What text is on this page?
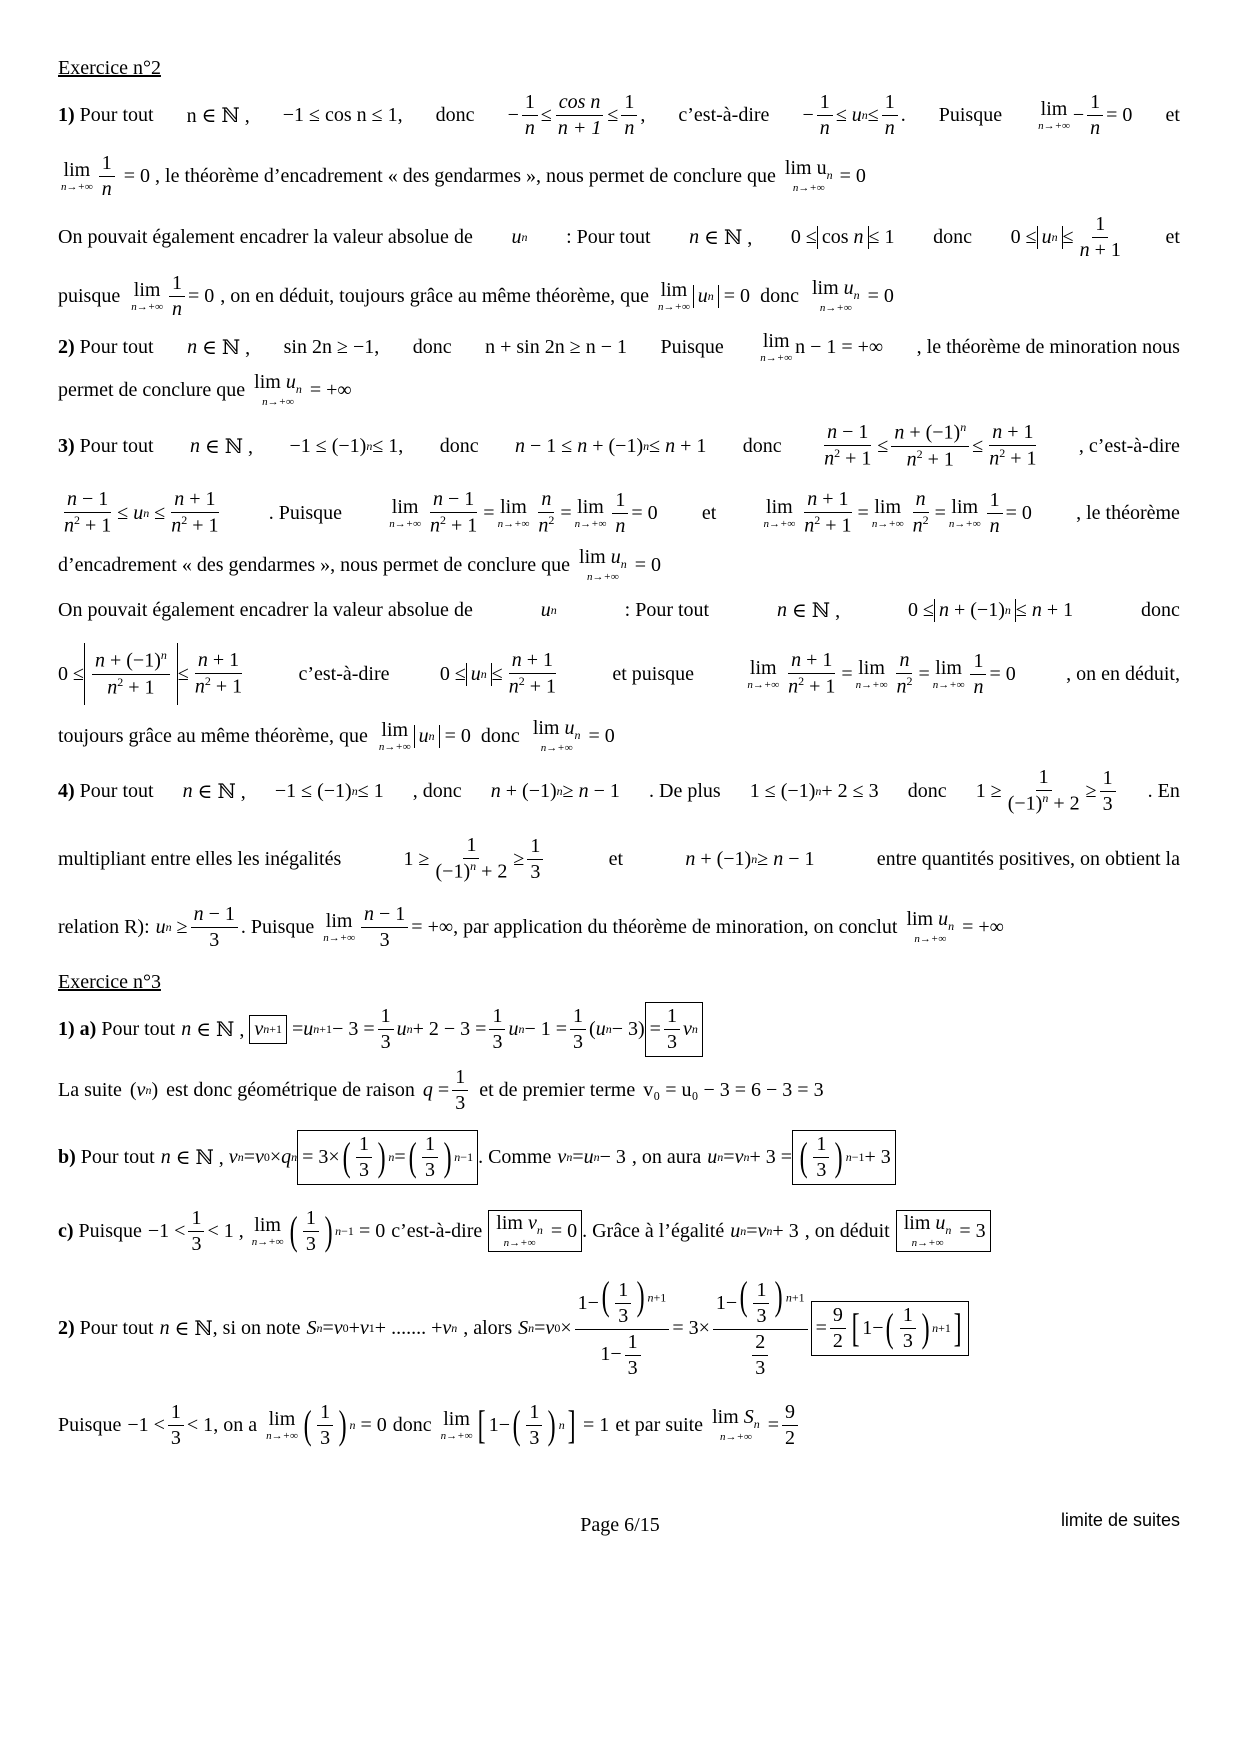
Exercice n°2
1) Pour tout n ∈ ℕ , −1 ≤ cos n ≤ 1, donc − $\frac{1}{n} \le \frac{\text{cos n}}{n + 1} \le \frac{1}{n}$ , c’est-à-dire − $\frac{1}{n} \le u$ $n \le \frac{1}{n}$ . Puisque lim
$n\to+\infty - \frac{1}{n} = 0$ et
lim
$n\to+\infty \frac{1}{n} = 0$ , le théorème d’encadrement « des gendarmes », nous permet de conclure que $\lim u_n$
n→+∞
= 0
On pouvait également encadrer la valeur absolue de u n : Pour tout n ∈ ℕ , 0 ≤ cos n ≤ 1 donc 0 ≤ u $n \le \frac{1}{n + 1}$ et
puisque lim
$n\to+\infty \frac{1}{n} = 0$ , on en déduit, toujours grâce au même théorème, que lim
n→+∞ u n = 0 donc $\lim u_n$
n→+∞
= 0
2) Pour tout n ∈ ℕ , sin 2n ≥ −1, donc n + sin 2n ≥ n − 1 Puisque lim
n→+∞ n − 1 = +∞ , le théorème de minoration nous
permet de conclure que $\lim u_n$
n→+∞

= +∞
3) Pour tout n ∈ ℕ , −1 ≤ (−1) n ≤ 1, donc n − 1 ≤ n + (−1) n ≤ n + 1 donc $\frac{n - 1}{n^2 + 1} \le \frac{n + (-1)^n}{n^2 + 1} \le \frac{n + 1}{n^2 + 1}$ , c’est-à-dire
$\frac{n - 1}{n^2 + 1} \le u$ $n \le \frac{n + 1}{n^2 + 1}$ . Puisque lim
$n\to+\infty \frac{n - 1}{n^2 + 1} = \lim$
$n\to+\infty \frac{n}{n^2} = \lim$
$n\to+\infty \frac{1}{n} = 0$ et lim
$n\to+\infty \frac{n + 1}{n^2 + 1} = \lim$
$n\to+\infty \frac{n}{n^2} = \lim$
$n\to+\infty \frac{1}{n} = 0$ , le théorème
d’encadrement « des gendarmes », nous permet de conclure que $\lim u_n$
n→+∞
= 0
On pouvait également encadrer la valeur absolue de	u n	: Pour tout	n ∈ ℕ ,	0 ≤ n + (−1) n ≤ n + 1	donc
$0 \le \frac{n + (-1)^n}{n^2 + 1} \le \frac{n + 1}{n^2 + 1}$	c’est-à-dire	0 ≤ u $n \le \frac{n + 1}{n^2 + 1}$	et puisque	lim
$n\to+\infty \frac{n + 1}{n^2 + 1} = \lim$
$n\to+\infty \frac{n}{n^2} = \lim$
$n\to+\infty \frac{1}{n} = 0$	, on en déduit,
toujours grâce au même théorème, que lim
n→+∞ u n = 0 donc $\lim u_n$
n→+∞
= 0
4) Pour tout n ∈ ℕ , −1 ≤ (−1) n ≤ 1 , donc n + (−1) n ≥ n − 1 . De plus 1 ≤ (−1) n + 2 ≤ 3 donc $1 \ge \frac{1}{(-1)^n + 2} \ge \frac{1}{3}$ . En
multipliant entre elles les inégalités	$1 \ge \frac{1}{(-1)^n + 2} \ge \frac{1}{3}$	et	n + (−1) n ≥ n − 1	entre quantités positives, on obtient la
relation R): u $n \ge \frac{n - 1}{3}$ . Puisque lim
$n\to+\infty \frac{n - 1}{3}$ = +∞ , par application du théorème de minoration, on conclut $\lim u_n$
n→+∞
= +∞
Exercice n°3
1) a)
Pour tout n ∈ ℕ , v n+1 = u $n+1 - 3 = \frac{1}{3}$ u $n + 2 - 3 = \frac{1}{3}$ u $n - 1 = \frac{1}{3}$ ( u $n - 3) = \frac{1}{3}$ v n
La suite ( v n ) est donc géométrique de raison $q = \frac{1}{3}$ et de premier terme v₀ = u₀ − 3 = 6 − 3 = 3
b)
Pour tout n ∈ ℕ , v n = v 0 × q n = 3× ( $\frac{1}{3}$ ) n = ( $\frac{1}{3}$ ) n−1 . Comme v n = u n − 3 , on aura u n = v n + 3 = ( $\frac{1}{3}$ ) n−1 + 3
c)
Puisque $-1 < \frac{1}{3} < 1$ , lim
n→+∞ ( $\frac{1}{3}$ ) n−1 = 0 c’est-à-dire $\lim v_n$
n→+∞
= 0 . Grâce à l’égalité u n = v n + 3 , on déduit $\lim u_n$
n→+∞
= 3
2)
Pour tout n ∈ ℕ , si on note S n = v 0 + v 1 + ....... + v n , alors S n = v $0 \times \frac{1-( \frac{1}{3} ) ^{n+1}}{1- \frac{1}{3}} = 3\times \frac{1-( \frac{1}{3} ) ^{n+1}}{\frac{2}{3}} = \frac{9}{2}$ [ 1− ( $\frac{1}{3}$ ) n+1 ]
Puisque $-1 < \frac{1}{3} < 1$ , on a lim
n→+∞ ( $\frac{1}{3}$ ) n = 0 donc lim
n→+∞ [ 1− ( $\frac{1}{3}$ ) n ] = 1 et par suite $\lim S_n$
n→+∞
= $\frac{9}{2}$
Page 6/15	limite de suites
